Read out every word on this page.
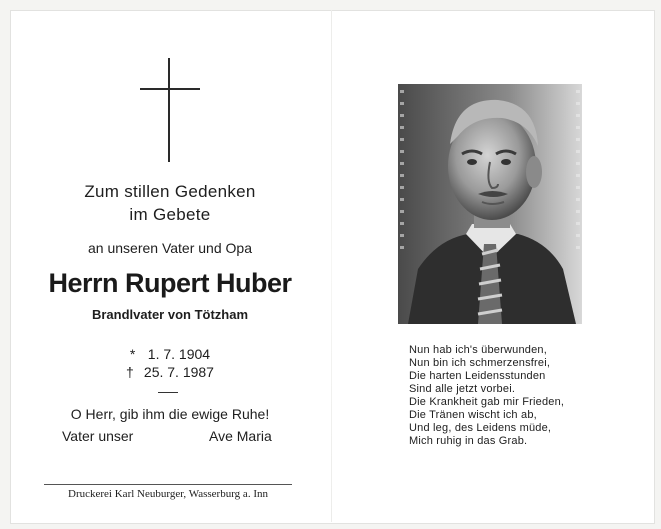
Zum stillen Gedenken
im Gebete
an unseren Vater und Opa
Herrn Rupert Huber
Brandlvater von Tötzham
* 1. 7. 1904
† 25. 7. 1987
O Herr, gib ihm die ewige Ruhe!
Vater unser	Ave Maria
Druckerei Karl Neuburger, Wasserburg a. Inn
Nun hab ich's überwunden,
Nun bin ich schmerzensfrei,
Die harten Leidensstunden
Sind alle jetzt vorbei.
Die Krankheit gab mir Frieden,
Die Tränen wischt ich ab,
Und leg, des Leidens müde,
Mich ruhig in das Grab.
